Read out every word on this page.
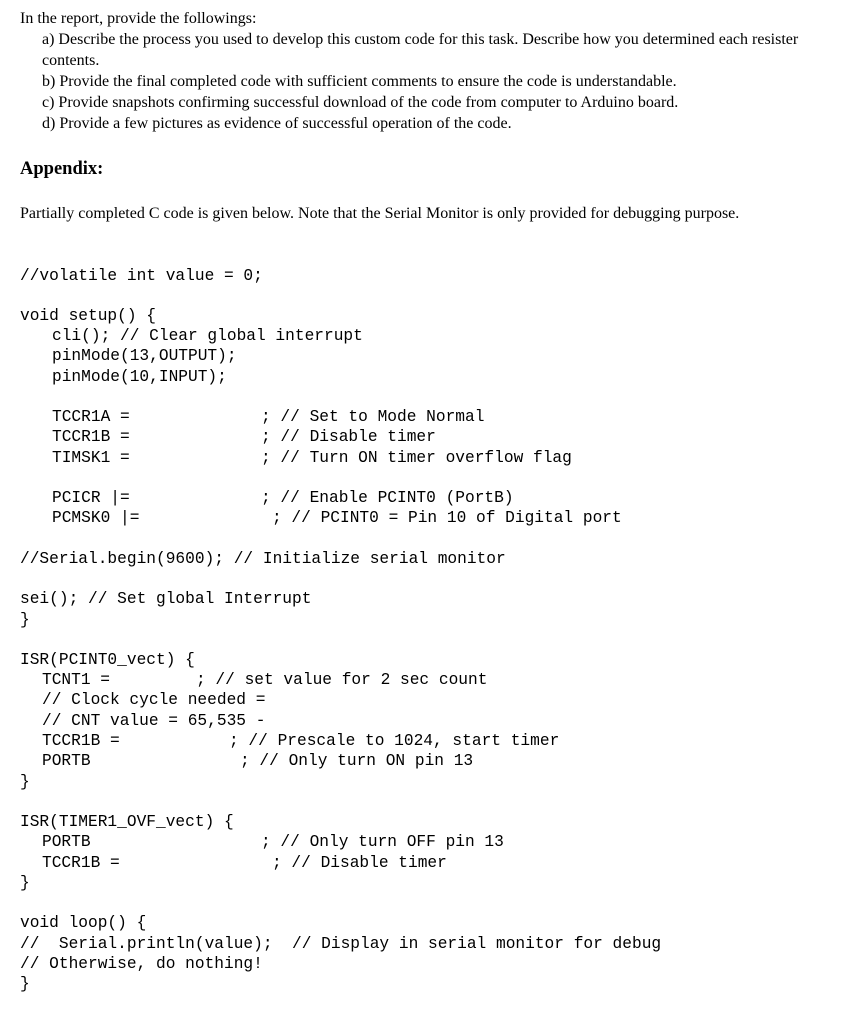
In the report, provide the followings:
a) Describe the process you used to develop this custom code for this task. Describe how you determined each resister contents.
b) Provide the final completed code with sufficient comments to ensure the code is understandable.
c) Provide snapshots confirming successful download of the code from computer to Arduino board.
d) Provide a few pictures as evidence of successful operation of the code.
Appendix:
Partially completed C code is given below. Note that the Serial Monitor is only provided for debugging purpose.
//volatile int value = 0;
void setup() {
cli(); // Clear global interrupt
pinMode(13,OUTPUT);
pinMode(10,INPUT);
TCCR1A =	; // Set to Mode Normal
TCCR1B =	; // Disable timer
TIMSK1 =	; // Turn ON timer overflow flag
PCICR |=	; // Enable PCINT0 (PortB)
PCMSK0 |=	; // PCINT0 = Pin 10 of Digital port
//Serial.begin(9600); // Initialize serial monitor
sei(); // Set global Interrupt
}
ISR(PCINT0_vect) {
TCNT1 =	; // set value for 2 sec count
// Clock cycle needed =
// CNT value = 65,535 -
TCCR1B =	; // Prescale to 1024, start timer
PORTB	; // Only turn ON pin 13
}
ISR(TIMER1_OVF_vect) {
PORTB	; // Only turn OFF pin 13
TCCR1B =	; // Disable timer
}
void loop() {
//  Serial.println(value);  // Display in serial monitor for debug
// Otherwise, do nothing!
}
